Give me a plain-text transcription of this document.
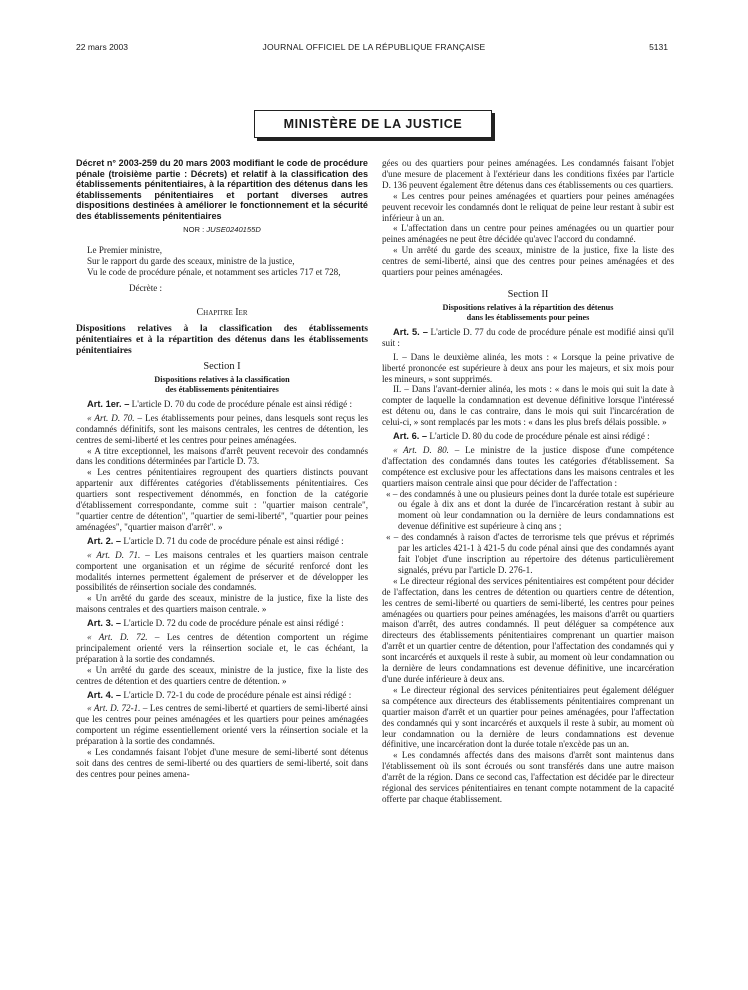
22 mars 2003	JOURNAL OFFICIEL DE LA RÉPUBLIQUE FRANÇAISE	5131
MINISTÈRE DE LA JUSTICE

Décret n° 2003-259 du 20 mars 2003 modifiant le code de procédure pénale (troisième partie : Décrets) et relatif à la classification des établissements pénitentiaires, à la répartition des détenus dans les établissements pénitentiaires et portant diverses autres dispositions destinées à améliorer le fonctionnement et la sécurité des établissements pénitentiaires

NOR : JUSE0240155D

Le Premier ministre,

Sur le rapport du garde des sceaux, ministre de la justice,

Vu le code de procédure pénale, et notamment ses articles 717 et 728,

Décrète :

Chapitre Ier

Dispositions relatives à la classification des établissements pénitentiaires et à la répartition des détenus dans les établissements pénitentiaires

Section I
Dispositions relatives à la classification
des établissements pénitentiaires

Art. 1er. – L'article D. 70 du code de procédure pénale est ainsi rédigé :

« Art. D. 70. – Les établissements pour peines, dans lesquels sont reçus les condamnés définitifs, sont les maisons centrales, les centres de détention, les centres de semi-liberté et les centres pour peines aménagées.

« A titre exceptionnel, les maisons d'arrêt peuvent recevoir des condamnés dans les conditions déterminées par l'article D. 73.

« Les centres pénitentiaires regroupent des quartiers distincts pouvant appartenir aux différentes catégories d'établissements pénitentiaires. Ces quartiers sont respectivement dénommés, en fonction de la catégorie d'établissement correspondante, comme suit : "quartier maison centrale", "quartier centre de détention", "quartier de semi-liberté", "quartier pour peines aménagées", "quartier maison d'arrêt". »

Art. 2. – L'article D. 71 du code de procédure pénale est ainsi rédigé :

« Art. D. 71. – Les maisons centrales et les quartiers maison centrale comportent une organisation et un régime de sécurité renforcé dont les modalités internes permettent également de préserver et de développer les possibilités de réinsertion sociale des condamnés.

« Un arrêté du garde des sceaux, ministre de la justice, fixe la liste des maisons centrales et des quartiers maison centrale. »

Art. 3. – L'article D. 72 du code de procédure pénale est ainsi rédigé :

« Art. D. 72. – Les centres de détention comportent un régime principalement orienté vers la réinsertion sociale et, le cas échéant, la préparation à la sortie des condamnés.

« Un arrêté du garde des sceaux, ministre de la justice, fixe la liste des centres de détention et des quartiers centre de détention. »

Art. 4. – L'article D. 72-1 du code de procédure pénale est ainsi rédigé :

« Art. D. 72-1. – Les centres de semi-liberté et quartiers de semi-liberté ainsi que les centres pour peines aménagées et les quartiers pour peines aménagées comportent un régime essentiellement orienté vers la réinsertion sociale et la préparation à la sortie des condamnés.

« Les condamnés faisant l'objet d'une mesure de semi-liberté sont détenus soit dans des centres de semi-liberté ou des quartiers de semi-liberté, soit dans des centres pour peines amena-

gées ou des quartiers pour peines aménagées. Les condamnés faisant l'objet d'une mesure de placement à l'extérieur dans les conditions fixées par l'article D. 136 peuvent également être détenus dans ces établissements ou ces quartiers.

« Les centres pour peines aménagées et quartiers pour peines aménagées peuvent recevoir les condamnés dont le reliquat de peine leur restant à subir est inférieur à un an.

« L'affectation dans un centre pour peines aménagées ou un quartier pour peines aménagées ne peut être décidée qu'avec l'accord du condamné.

« Un arrêté du garde des sceaux, ministre de la justice, fixe la liste des centres de semi-liberté, ainsi que des centres pour peines aménagées et des quartiers pour peines aménagées.

Section II
Dispositions relatives à la répartition des détenus
dans les établissements pour peines

Art. 5. – L'article D. 77 du code de procédure pénale est modifié ainsi qu'il suit :

I. – Dans le deuxième alinéa, les mots : « Lorsque la peine privative de liberté prononcée est supérieure à deux ans pour les majeurs, et six mois pour les mineurs, » sont supprimés.

II. – Dans l'avant-dernier alinéa, les mots : « dans le mois qui suit la date à compter de laquelle la condamnation est devenue définitive lorsque l'intéressé est détenu ou, dans le cas contraire, dans le mois qui suit l'incarcération de celui-ci, » sont remplacés par les mots : « dans les plus brefs délais possible. »

Art. 6. – L'article D. 80 du code de procédure pénale est ainsi rédigé :

« Art. D. 80. – Le ministre de la justice dispose d'une compétence d'affectation des condamnés dans toutes les catégories d'établissement. Sa compétence est exclusive pour les affectations dans les maisons centrales et les quartiers maison centrale ainsi que pour décider de l'affectation :

« – des condamnés à une ou plusieurs peines dont la durée totale est supérieure ou égale à dix ans et dont la durée de l'incarcération restant à subir au moment où leur condamnation ou la dernière de leurs condamnations est devenue définitive est supérieure à cinq ans ;

« – des condamnés à raison d'actes de terrorisme tels que prévus et réprimés par les articles 421-1 à 421-5 du code pénal ainsi que des condamnés ayant fait l'objet d'une inscription au répertoire des détenus particulièrement signalés, prévu par l'article D. 276-1.

« Le directeur régional des services pénitentiaires est compétent pour décider de l'affectation, dans les centres de détention ou quartiers centre de détention, les centres de semi-liberté ou quartiers de semi-liberté, les centres pour peines aménagées ou quartiers pour peines aménagées, les maisons d'arrêt ou quartiers maison d'arrêt, des autres condamnés. Il peut déléguer sa compétence aux directeurs des établissements pénitentiaires comprenant un quartier maison d'arrêt et un quartier centre de détention, pour l'affectation des condamnés qui y sont incarcérés et auxquels il reste à subir, au moment où leur condamnation ou la dernière de leurs condamnations est devenue définitive, une incarcération d'une durée inférieure à deux ans.

« Le directeur régional des services pénitentiaires peut également déléguer sa compétence aux directeurs des établissements pénitentiaires comprenant un quartier maison d'arrêt et un quartier pour peines aménagées, pour l'affectation des condamnés qui y sont incarcérés et auxquels il reste à subir, au moment où leur condamnation ou la dernière de leurs condamnations est devenue définitive, une incarcération dont la durée totale n'excède pas un an.

« Les condamnés affectés dans des maisons d'arrêt sont maintenus dans l'établissement où ils sont écroués ou sont transférés dans une autre maison d'arrêt de la région. Dans ce second cas, l'affectation est décidée par le directeur régional des services pénitentiaires en tenant compte notamment de la capacité offerte par chaque établissement.
